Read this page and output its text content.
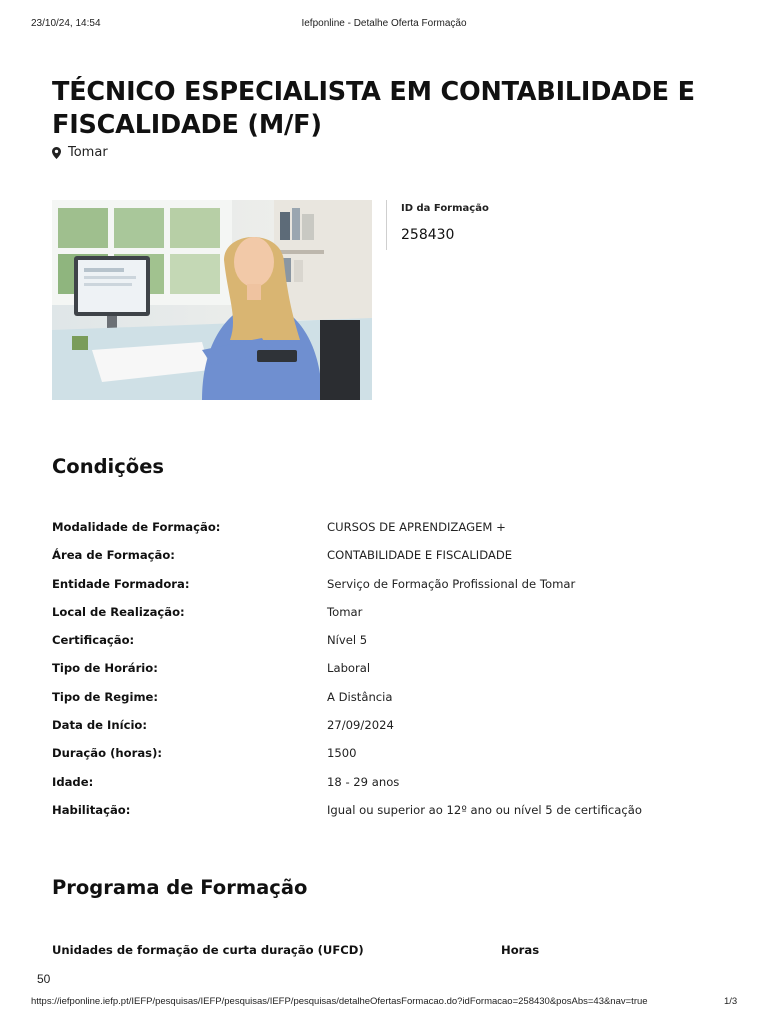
23/10/24, 14:54	Iefponline - Detalhe Oferta Formação
TÉCNICO ESPECIALISTA EM CONTABILIDADE E FISCALIDADE (M/F)
Tomar
ID da Formação
258430
Condições
Modalidade de Formação:	CURSOS DE APRENDIZAGEM +
Área de Formação:	CONTABILIDADE E FISCALIDADE
Entidade Formadora:	Serviço de Formação Profissional de Tomar
Local de Realização:	Tomar
Certificação:	Nível 5
Tipo de Horário:	Laboral
Tipo de Regime:	A Distância
Data de Início:	27/09/2024
Duração (horas):	1500
Idade:	18 - 29 anos
Habilitação:	Igual ou superior ao 12º ano ou nível 5 de certificação
Programa de Formação
Unidades de formação de curta duração (UFCD)	Horas
50
https://iefponline.iefp.pt/IEFP/pesquisas/IEFP/pesquisas/IEFP/pesquisas/detalheOfertasFormacao.do?idFormacao=258430&posAbs=43&nav=true	1/3
